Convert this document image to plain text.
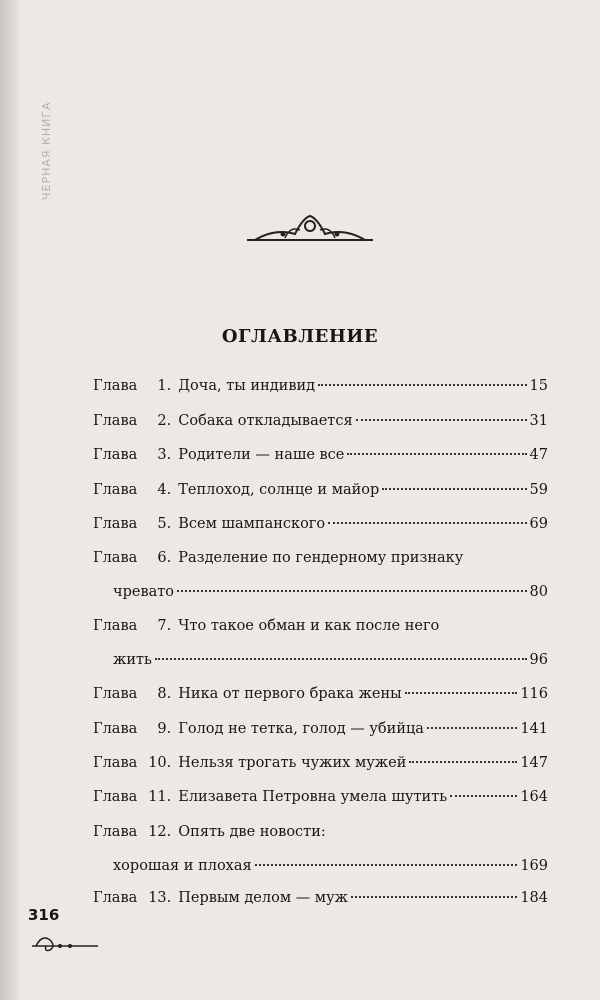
ЧЕРНАЯ КНИГА
ОГЛАВЛЕНИЕ
Глава 1. Доча, ты индивид	15
Глава 2. Собака откладывается	31
Глава 3. Родители — наше все	47
Глава 4. Теплоход, солнце и майор	59
Глава 5. Всем шампанского	69
Глава 6. Разделение по гендерному признаку
чревато	80
Глава 7. Что такое обман и как после него
жить	96
Глава 8. Ника от первого брака жены	116
Глава 9. Голод не тетка, голод — убийца	141
Глава 10. Нельзя трогать чужих мужей	147
Глава 11. Елизавета Петровна умела шутить	164
Глава 12. Опять две новости:
хорошая и плохая	169
Глава 13. Первым делом — муж	184
316
